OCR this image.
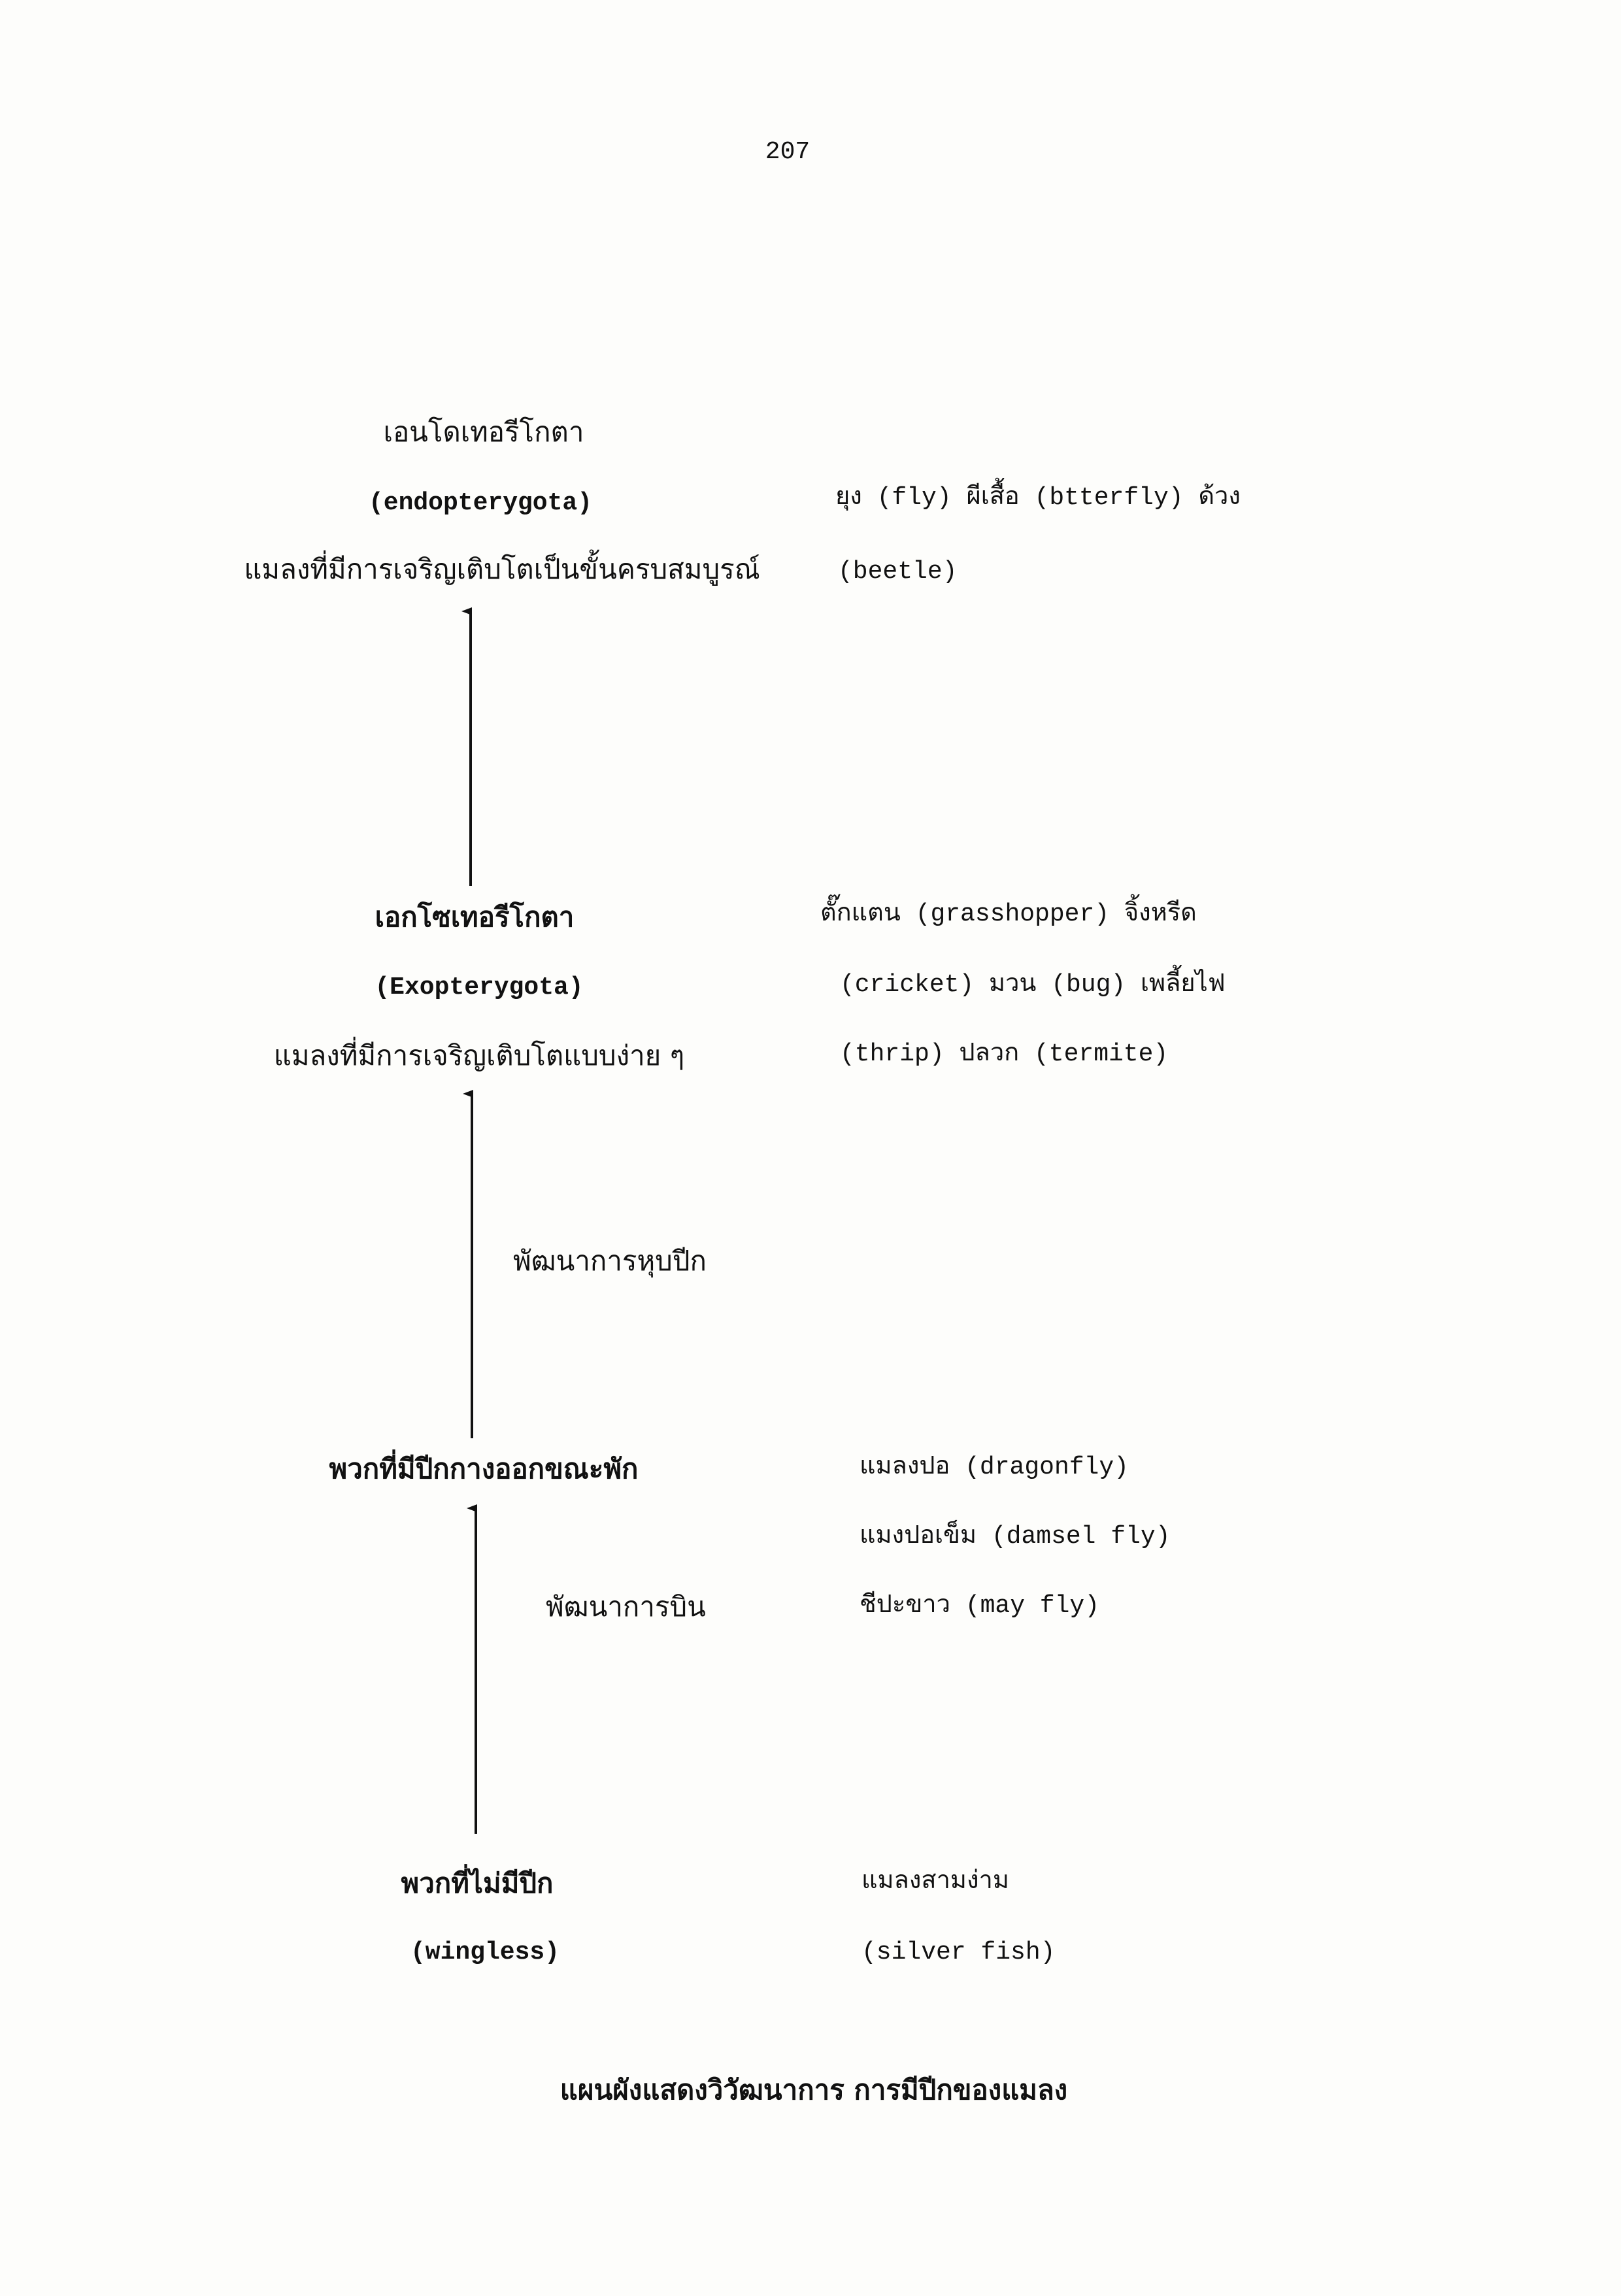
207
เอนโดเทอรีโกตา
(endopterygota)
แมลงที่มีการเจริญเติบโตเป็นขั้นครบสมบูรณ์
ยุง (fly) ผีเสื้อ (btterfly) ด้วง
(beetle)
เอกโซเทอรีโกตา
(Exopterygota)
แมลงที่มีการเจริญเติบโตแบบง่าย ๆ
ตั๊กแตน (grasshopper) จิ้งหรีด
(cricket) มวน (bug) เพลี้ยไฟ
(thrip) ปลวก (termite)
พัฒนาการหุบปีก
พวกที่มีปีกกางออกขณะพัก	แมลงปอ (dragonfly)
แมงปอเข็ม (damsel fly)
ชีปะขาว (may fly)
พัฒนาการบิน
พวกที่ไม่มีปีก
(wingless)
แมลงสามง่าม
(silver fish)
แผนผังแสดงวิวัฒนาการ การมีปีกของแมลง
